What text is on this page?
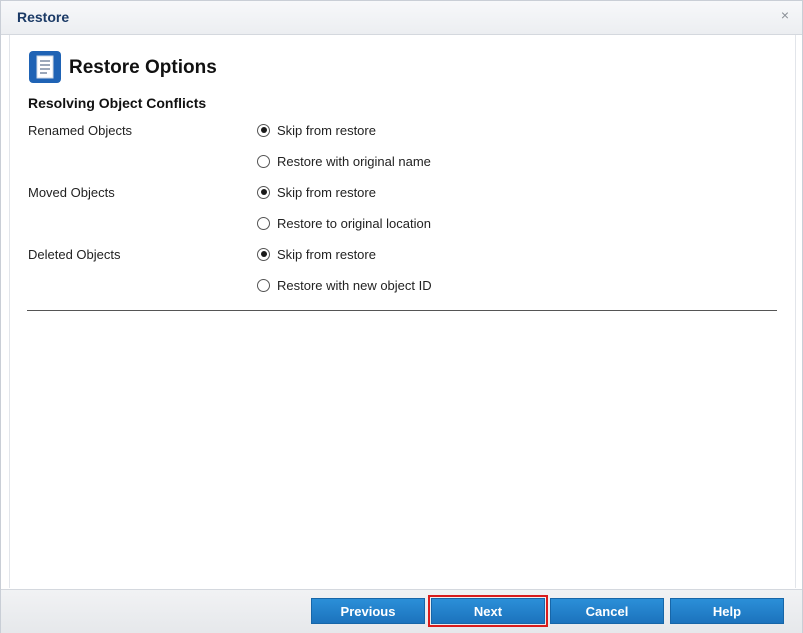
Restore	×
Restore Options
Resolving Object Conflicts
Renamed Objects	Skip from restore
Restore with original name
Moved Objects	Skip from restore
Restore to original location
Deleted Objects	Skip from restore
Restore with new object ID
Previous	Next	Cancel	Help
